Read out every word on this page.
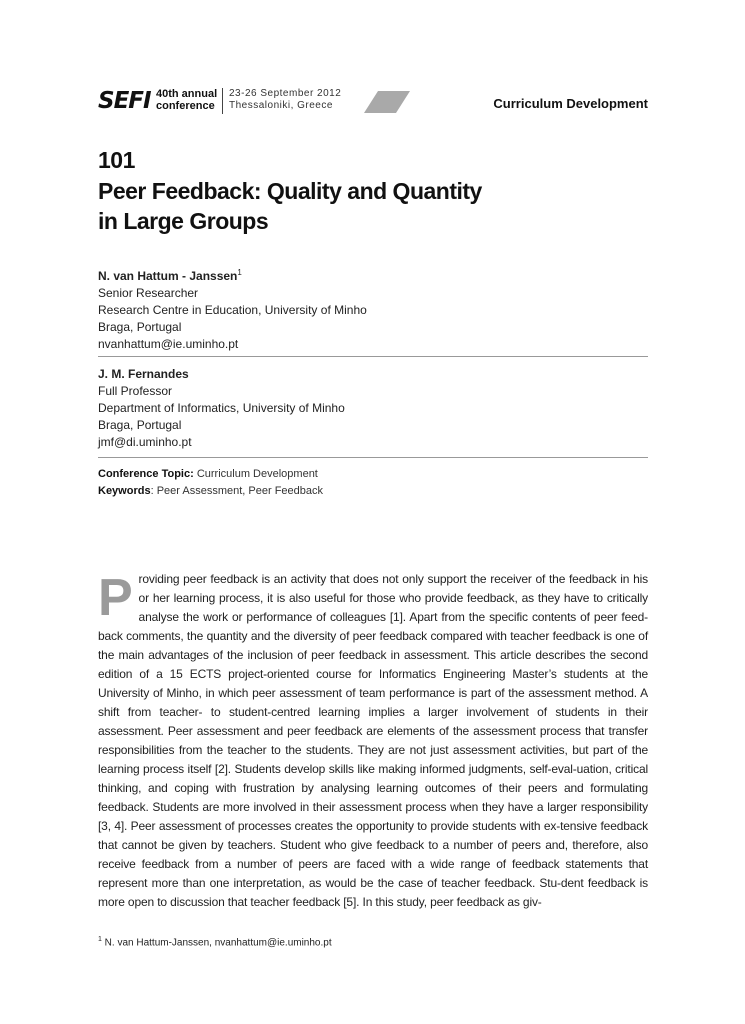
SEFI 40th annual
conference
23-26 September 2012
Thessaloniki, Greece	Curriculum Development
101
Peer Feedback: Quality and Quantity
in Large Groups
N. van Hattum - Janssen$^1$
Senior Researcher
Research Centre in Education, University of Minho
Braga, Portugal
nvanhattum@ie.uminho.pt
J. M. Fernandes
Full Professor
Department of Informatics, University of Minho
Braga, Portugal
jmf@di.uminho.pt
Conference Topic: Curriculum Development
Keywords: Peer Assessment, Peer Feedback
Providing peer feedback is an activity that does not only support the receiver of the feedback in his or her learning process, it is also useful for those who provide feedback, as they have to critically analyse the work or performance of colleagues [1]. Apart from the specific contents of peer feed-back comments, the quantity and the diversity of peer feedback compared with teacher feedback is one of the main advantages of the inclusion of peer feedback in assessment. This article describes the second edition of a 15 ECTS project-oriented course for Informatics Engineering Master’s students at the University of Minho, in which peer assessment of team performance is part of the assessment method. A shift from teacher- to student-centred learning implies a larger involvement of students in their assessment. Peer assessment and peer feedback are elements of the assessment process that transfer responsibilities from the teacher to the students. They are not just assessment activities, but part of the learning process itself [2]. Students develop skills like making informed judgments, self-eval-uation, critical thinking, and coping with frustration by analysing learning outcomes of their peers and formulating feedback. Students are more involved in their assessment process when they have a larger responsibility [3, 4]. Peer assessment of processes creates the opportunity to provide students with ex-tensive feedback that cannot be given by teachers. Student who give feedback to a number of peers and, therefore, also receive feedback from a number of peers are faced with a wide range of feedback statements that represent more than one interpretation, as would be the case of teacher feedback. Stu-dent feedback is more open to discussion that teacher feedback [5]. In this study, peer feedback as giv-
$^1$ N. van Hattum-Janssen, nvanhattum@ie.uminho.pt
